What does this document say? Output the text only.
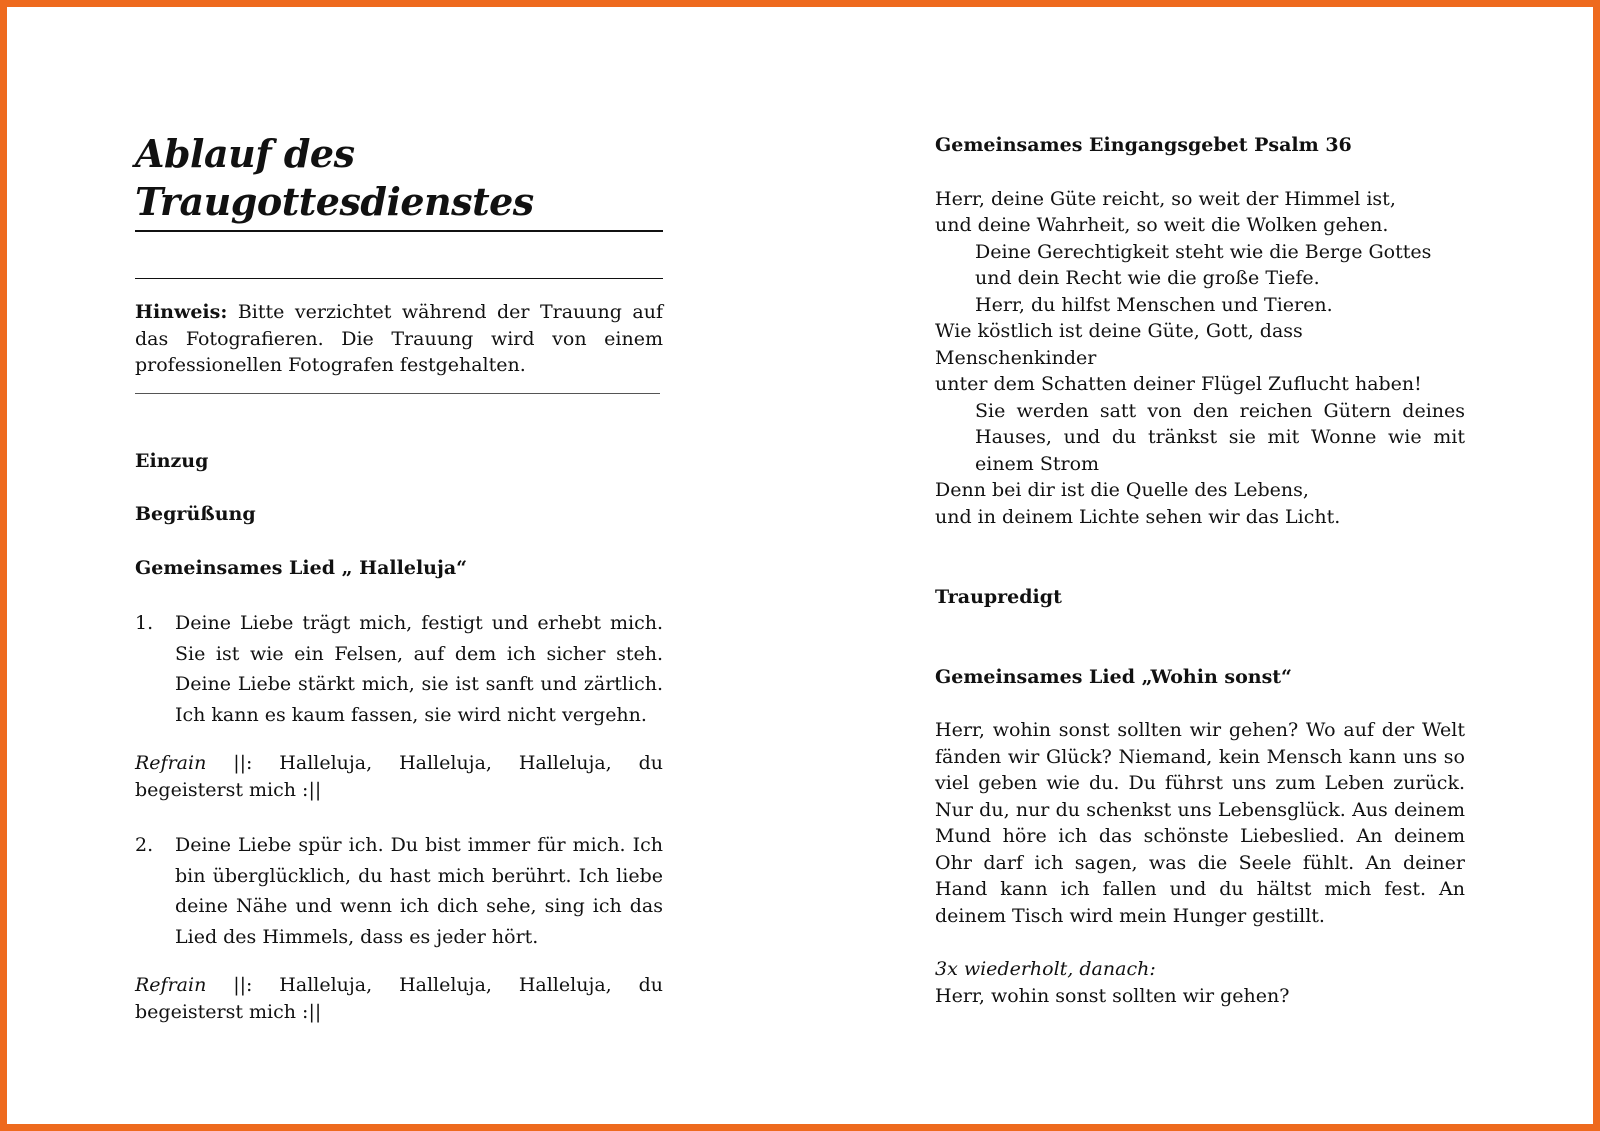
Ablauf des Traugottesdienstes
Hinweis: Bitte verzichtet während der Trauung auf das Fotografieren. Die Trauung wird von einem professionellen Fotografen festgehalten.

Einzug

Begrüßung

Gemeinsames Lied „ Halleluja“

1.	Deine Liebe trägt mich, festigt und erhebt mich.
Sie ist wie ein Felsen, auf dem ich sicher steh.
Deine Liebe stärkt mich, sie ist sanft und zärtlich.
Ich kann es kaum fassen, sie wird nicht vergehn.
Refrain ||: Halleluja, Halleluja, Halleluja, du begeisterst mich :||
2.	Deine Liebe spür ich. Du bist immer für mich. Ich
bin überglücklich, du hast mich berührt. Ich liebe
deine Nähe und wenn ich dich sehe, sing ich das
Lied des Himmels, dass es jeder hört.
Refrain ||: Halleluja, Halleluja, Halleluja, du begeisterst mich :||

Gemeinsames Eingangsgebet Psalm 36

Herr, deine Güte reicht, so weit der Himmel ist,
und deine Wahrheit, so weit die Wolken gehen.
Deine Gerechtigkeit steht wie die Berge Gottes
und dein Recht wie die große Tiefe.
Herr, du hilfst Menschen und Tieren.
Wie köstlich ist deine Güte, Gott, dass
Menschenkinder
unter dem Schatten deiner Flügel Zuflucht haben!
Sie werden satt von den reichen Gütern deines
Hauses, und du tränkst sie mit Wonne wie mit
einem Strom
Denn bei dir ist die Quelle des Lebens,
und in deinem Lichte sehen wir das Licht.

Traupredigt

Gemeinsames Lied „Wohin sonst“

Herr, wohin sonst sollten wir gehen? Wo auf der Welt fänden wir Glück? Niemand, kein Mensch kann uns so viel geben wie du. Du führst uns zum Leben zurück. Nur du, nur du schenkst uns Lebensglück. Aus deinem Mund höre ich das schönste Liebeslied. An deinem Ohr darf ich sagen, was die Seele fühlt. An deiner Hand kann ich fallen und du hältst mich fest. An deinem Tisch wird mein Hunger gestillt.
3x wiederholt, danach:
Herr, wohin sonst sollten wir gehen?
